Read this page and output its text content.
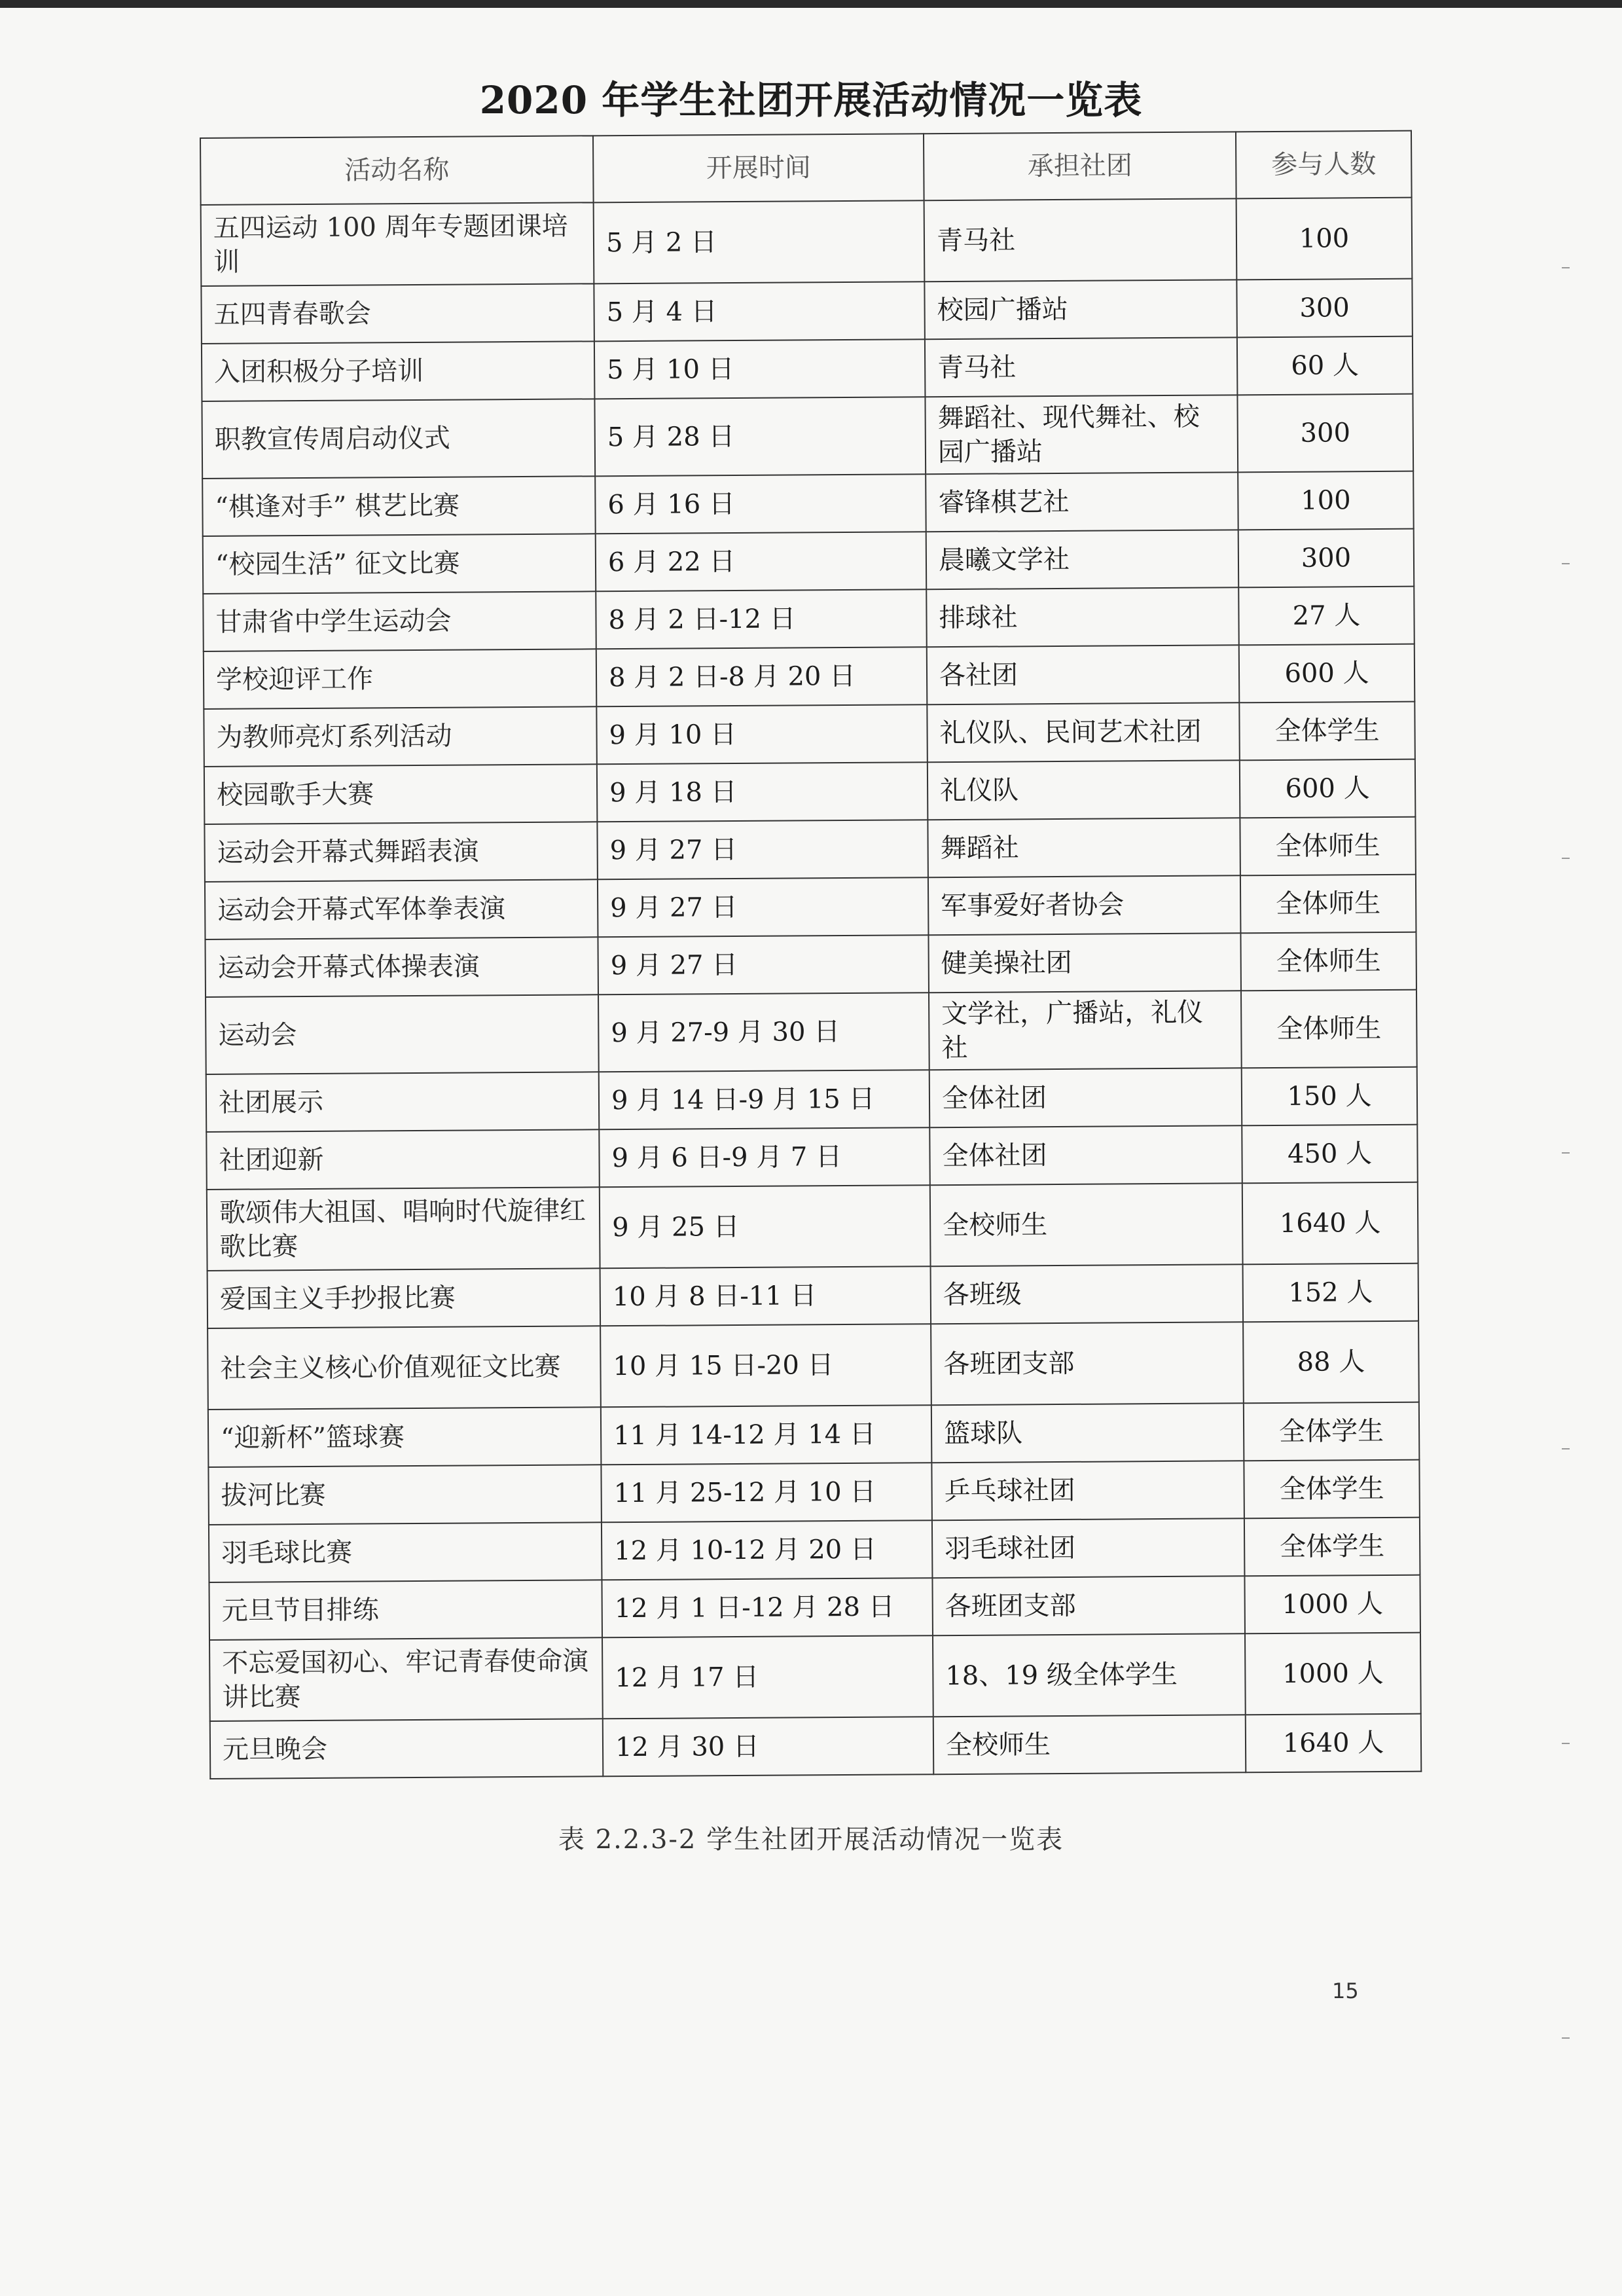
2020 年学生社团开展活动情况一览表
活动名称	开展时间	承担社团	参与人数
五四运动 100 周年专题团课培训	5 月 2 日	青马社	100
五四青春歌会	5 月 4 日	校园广播站	300
入团积极分子培训	5 月 10 日	青马社	60 人
职教宣传周启动仪式	5 月 28 日	舞蹈社、现代舞社、校园广播站	300
“棋逢对手” 棋艺比赛	6 月 16 日	睿锋棋艺社	100
“校园生活” 征文比赛	6 月 22 日	晨曦文学社	300
甘肃省中学生运动会	8 月 2 日-12 日	排球社	27 人
学校迎评工作	8 月 2 日-8 月 20 日	各社团	600 人
为教师亮灯系列活动	9 月 10 日	礼仪队、民间艺术社团	全体学生
校园歌手大赛	9 月 18 日	礼仪队	600 人
运动会开幕式舞蹈表演	9 月 27 日	舞蹈社	全体师生
运动会开幕式军体拳表演	9 月 27 日	军事爱好者协会	全体师生
运动会开幕式体操表演	9 月 27 日	健美操社团	全体师生
运动会	9 月 27-9 月 30 日	文学社，广播站，礼仪社	全体师生
社团展示	9 月 14 日-9 月 15 日	全体社团	150 人
社团迎新	9 月 6 日-9 月 7 日	全体社团	450 人
歌颂伟大祖国、唱响时代旋律红歌比赛	9 月 25 日	全校师生	1640 人
爱国主义手抄报比赛	10 月 8 日-11 日	各班级	152 人
社会主义核心价值观征文比赛	10 月 15 日-20 日	各班团支部	88 人
“迎新杯”篮球赛	11 月 14-12 月 14 日	篮球队	全体学生
拔河比赛	11 月 25-12 月 10 日	乒乓球社团	全体学生
羽毛球比赛	12 月 10-12 月 20 日	羽毛球社团	全体学生
元旦节目排练	12 月 1 日-12 月 28 日	各班团支部	1000 人
不忘爱国初心、牢记青春使命演讲比赛	12 月 17 日	18、19 级全体学生	1000 人
元旦晚会	12 月 30 日	全校师生	1640 人
表 2.2.3-2 学生社团开展活动情况一览表
15
